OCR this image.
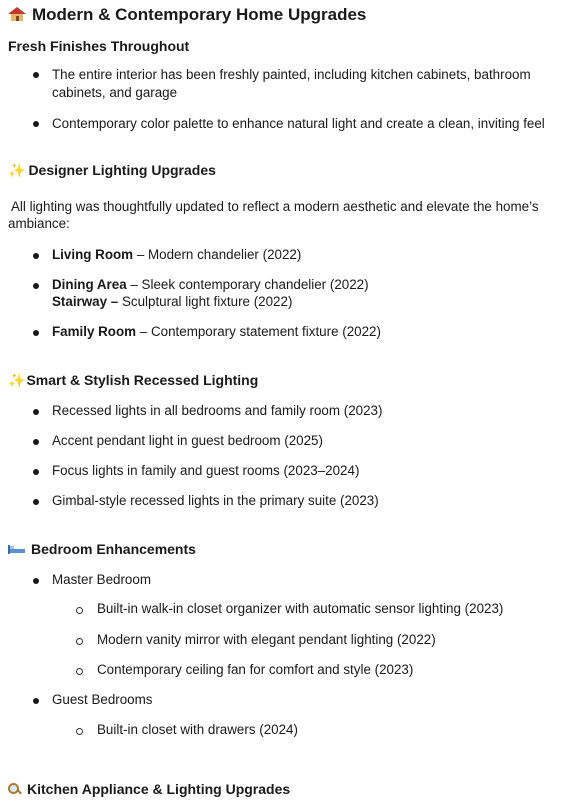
Modern & Contemporary Home Upgrades
Fresh Finishes Throughout
The entire interior has been freshly painted, including kitchen cabinets, bathroom
cabinets, and garage
Contemporary color palette to enhance natural light and create a clean, inviting feel
✨ Designer Lighting Upgrades
All lighting was thoughtfully updated to reflect a modern aesthetic and elevate the home’s
ambiance:
Living Room – Modern chandelier (2022)
Dining Area – Sleek contemporary chandelier (2022)
Stairway – Sculptural light fixture (2022)
Family Room – Contemporary statement fixture (2022)
✨Smart & Stylish Recessed Lighting
Recessed lights in all bedrooms and family room (2023)
Accent pendant light in guest bedroom (2025)
Focus lights in family and guest rooms (2023–2024)
Gimbal-style recessed lights in the primary suite (2023)
Bedroom Enhancements
Master Bedroom
Built-in walk-in closet organizer with automatic sensor lighting (2023)
Modern vanity mirror with elegant pendant lighting (2022)
Contemporary ceiling fan for comfort and style (2023)
Guest Bedrooms
Built-in closet with drawers (2024)
Kitchen Appliance & Lighting Upgrades
